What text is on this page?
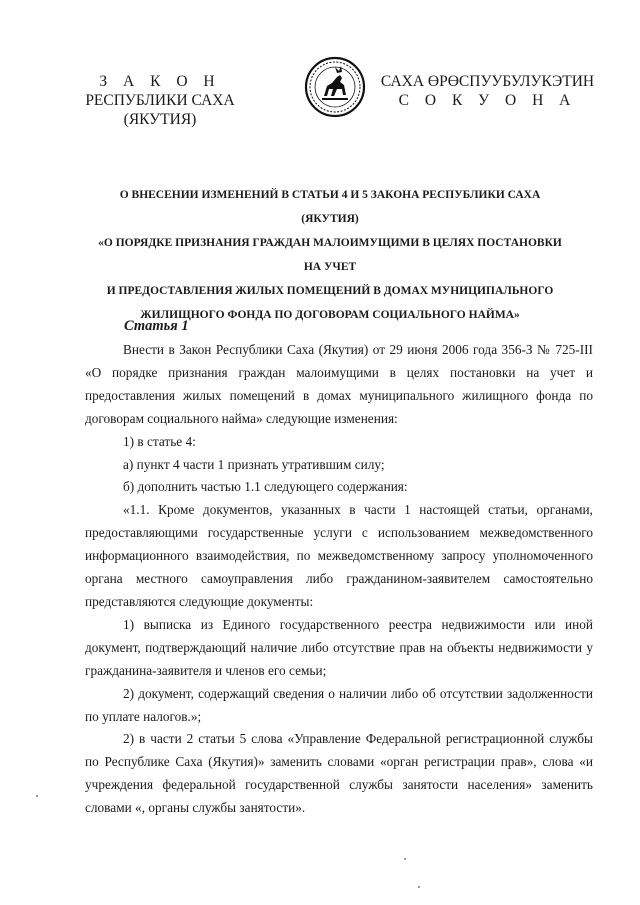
З А К О Н
РЕСПУБЛИКИ САХА (ЯКУТИЯ)
САХА ӨРӨСПУУБУЛУКЭТИН
С О К У О Н А
О ВНЕСЕНИИ ИЗМЕНЕНИЙ В СТАТЬИ 4 И 5 ЗАКОНА РЕСПУБЛИКИ САХА (ЯКУТИЯ)
«О ПОРЯДКЕ ПРИЗНАНИЯ ГРАЖДАН МАЛОИМУЩИМИ В ЦЕЛЯХ ПОСТАНОВКИ НА УЧЕТ
И ПРЕДОСТАВЛЕНИЯ ЖИЛЫХ ПОМЕЩЕНИЙ В ДОМАХ МУНИЦИПАЛЬНОГО
ЖИЛИЩНОГО ФОНДА ПО ДОГОВОРАМ СОЦИАЛЬНОГО НАЙМА»
Статья 1

Внести в Закон Республики Саха (Якутия) от 29 июня 2006 года 356-З № 725-III «О порядке признания граждан малоимущими в целях постановки на учет и предоставления жилых помещений в домах муниципального жилищного фонда по договорам социального найма» следующие изменения:

1) в статье 4:

а) пункт 4 части 1 признать утратившим силу;

б) дополнить частью 1.1 следующего содержания:

«1.1. Кроме документов, указанных в части 1 настоящей статьи, органами, предоставляющими государственные услуги с использованием межведомственного информационного взаимодействия, по межведомственному запросу уполномоченного органа местного самоуправления либо гражданином-заявителем самостоятельно представляются следующие документы:

1) выписка из Единого государственного реестра недвижимости или иной документ, подтверждающий наличие либо отсутствие прав на объекты недвижимости у гражданина-заявителя и членов его семьи;

2) документ, содержащий сведения о наличии либо об отсутствии задолженности по уплате налогов.»;

2) в части 2 статьи 5 слова «Управление Федеральной регистрационной службы по Республике Саха (Якутия)» заменить словами «орган регистрации прав», слова «и учреждения федеральной государственной службы занятости населения» заменить словами «, органы службы занятости».
